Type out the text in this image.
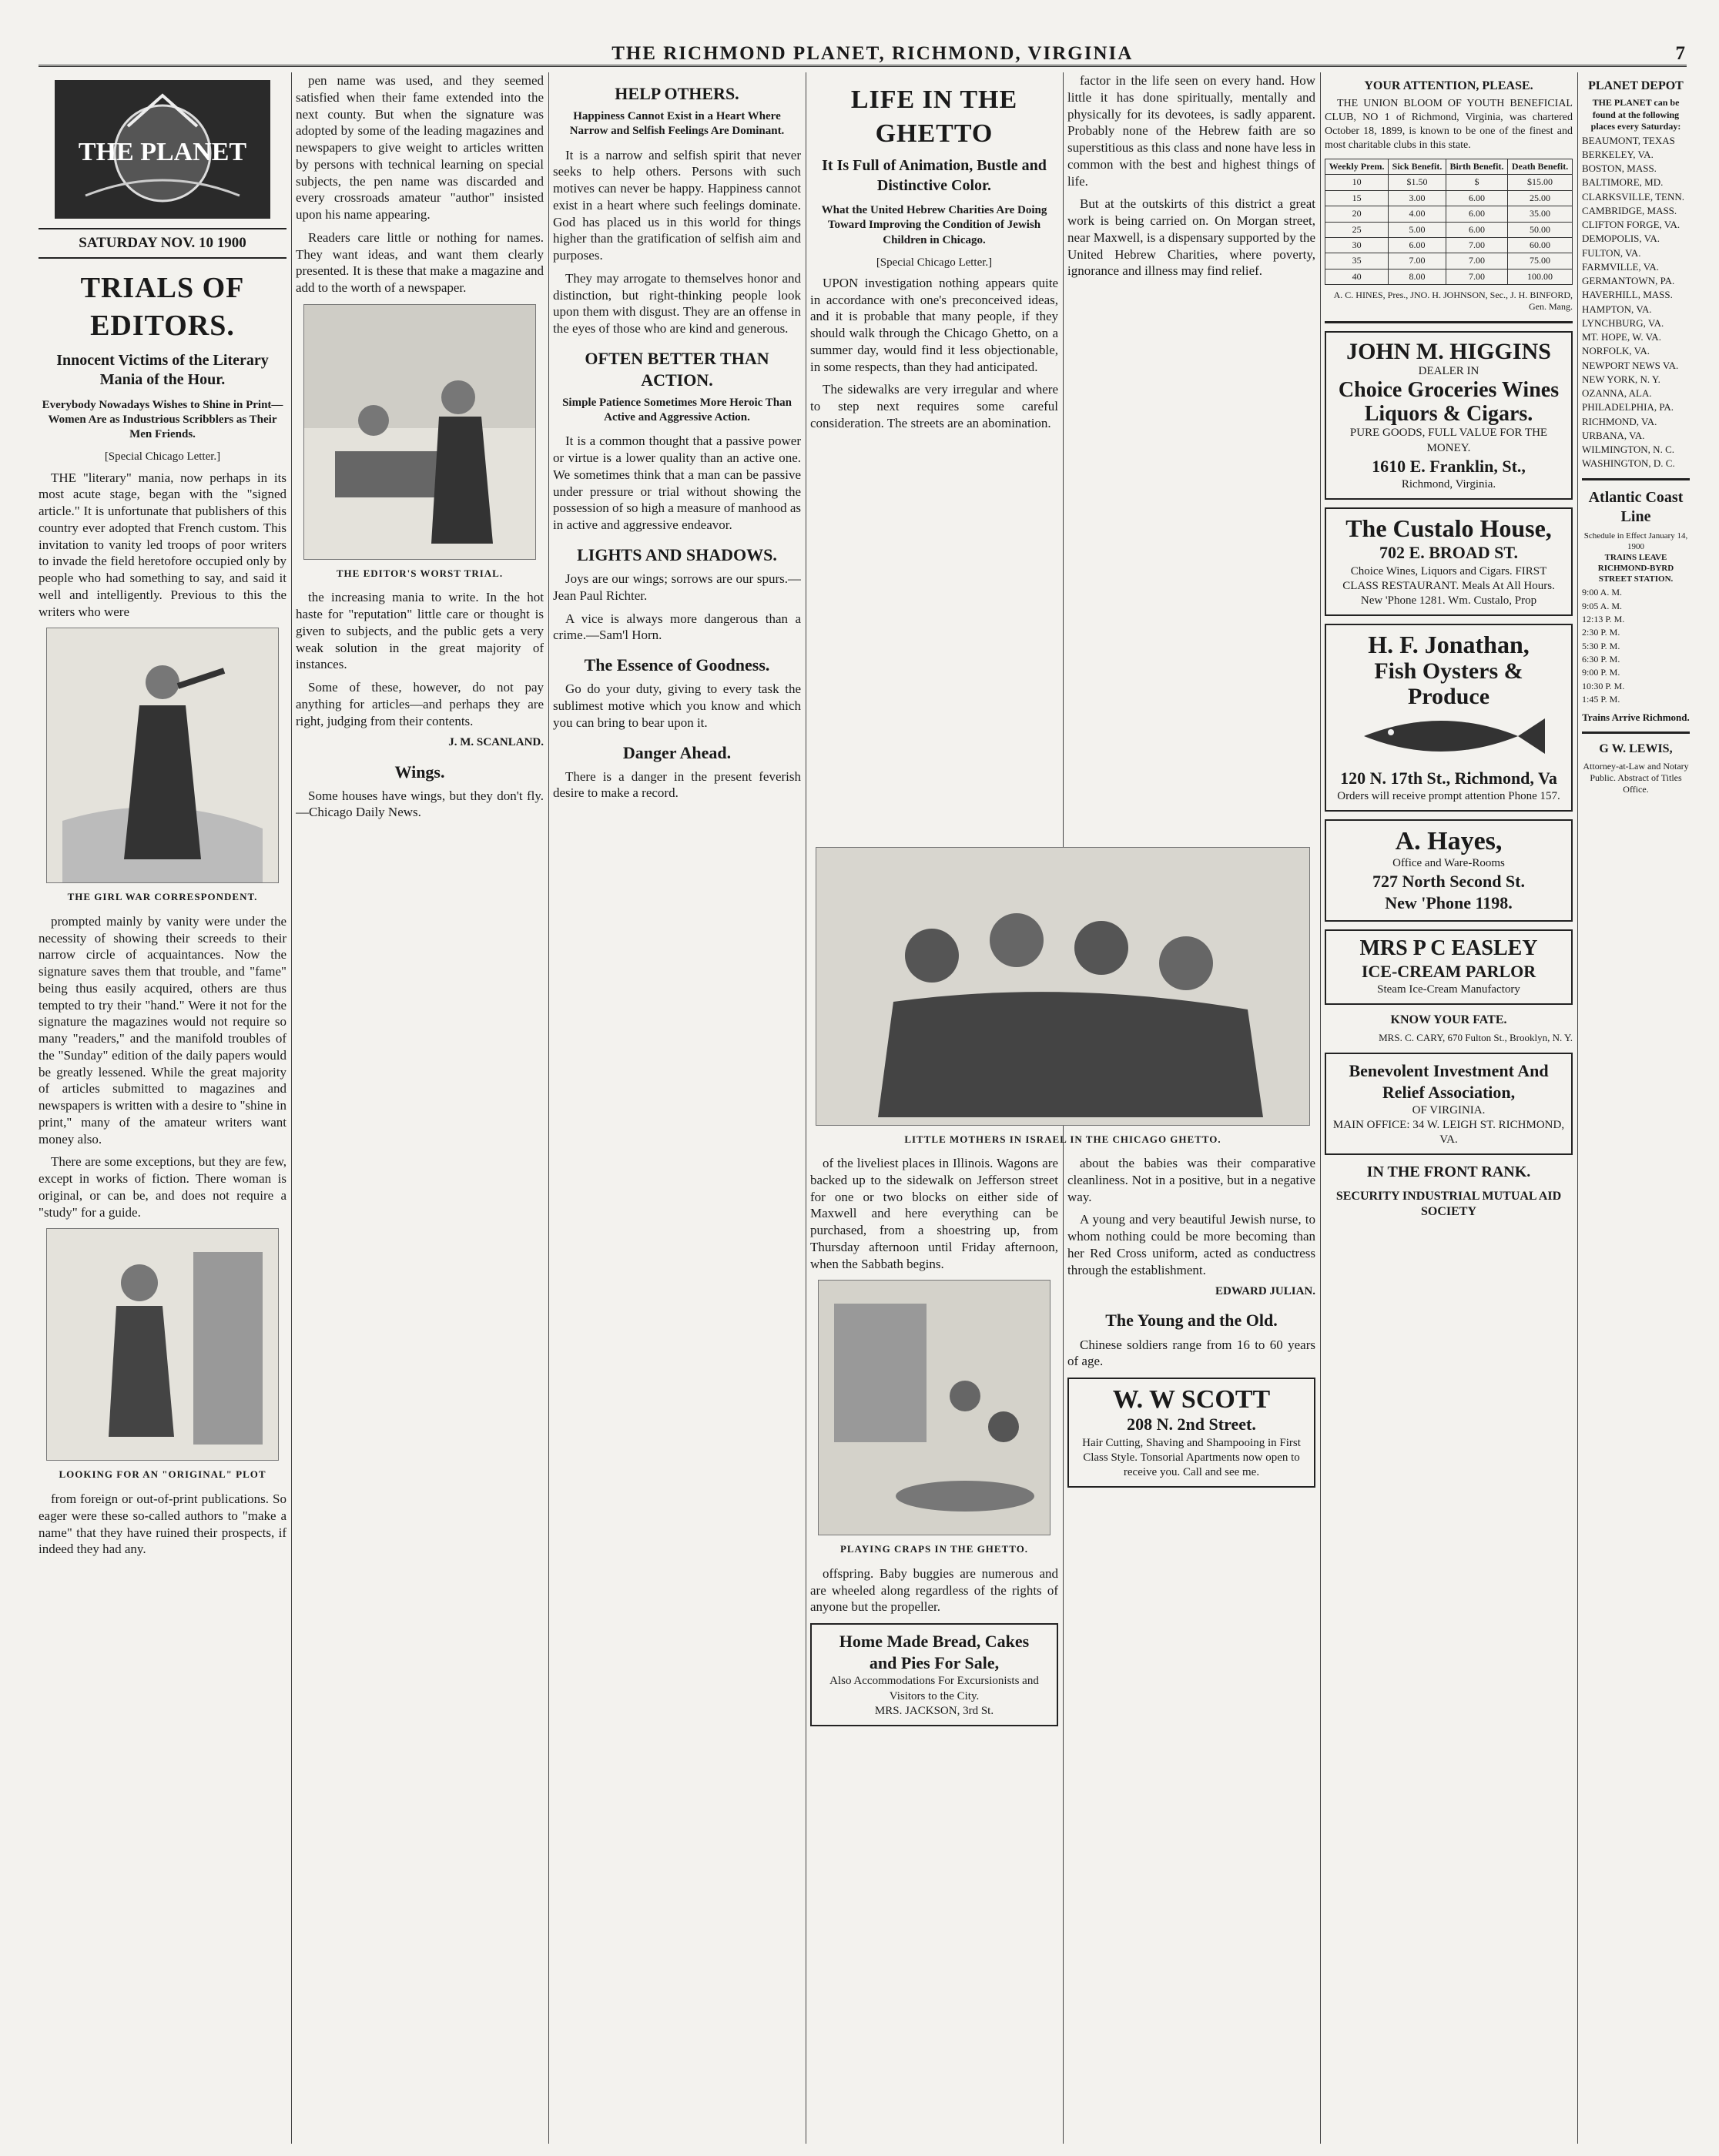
THE RICHMOND PLANET, RICHMOND, VIRGINIA	7
THE PLANET
SATURDAY NOV. 10 1900
TRIALS OF EDITORS.
Innocent Victims of the Literary Mania of the Hour.
Everybody Nowadays Wishes to Shine in Print—Women Are as Industrious Scribblers as Their Men Friends.
[Special Chicago Letter.]

THE "literary" mania, now perhaps in its most acute stage, began with the "signed article." It is unfortunate that publishers of this country ever adopted that French custom. This invitation to vanity led troops of poor writers to invade the field heretofore occupied only by people who had something to say, and said it well and intelligently. Previous to this the writers who were

THE GIRL WAR CORRESPONDENT.

prompted mainly by vanity were under the necessity of showing their screeds to their narrow circle of acquaintances. Now the signature saves them that trouble, and "fame" being thus easily acquired, others are thus tempted to try their "hand." Were it not for the signature the magazines would not require so many "readers," and the manifold troubles of the "Sunday" edition of the daily papers would be greatly lessened. While the great majority of articles submitted to magazines and newspapers is written with a desire to "shine in print," many of the amateur writers want money also.

There are some exceptions, but they are few, except in works of fiction. There woman is original, or can be, and does not require a "study" for a guide.

LOOKING FOR AN "ORIGINAL" PLOT

from foreign or out-of-print publications. So eager were these so-called authors to "make a name" that they have ruined their prospects, if indeed they had any.

pen name was used, and they seemed satisfied when their fame extended into the next county. But when the signature was adopted by some of the leading magazines and newspapers to give weight to articles written by persons with technical learning on special subjects, the pen name was discarded and every crossroads amateur "author" insisted upon his name appearing.

Readers care little or nothing for names. They want ideas, and want them clearly presented. It is these that make a magazine and add to the worth of a newspaper.

THE EDITOR'S WORST TRIAL.

the increasing mania to write. In the hot haste for "reputation" little care or thought is given to subjects, and the public gets a very weak solution in the great majority of instances.

Some of these, however, do not pay anything for articles—and perhaps they are right, judging from their contents.

J. M. SCANLAND.
Wings.

Some houses have wings, but they don't fly.—Chicago Daily News.

HELP OTHERS.
Happiness Cannot Exist in a Heart Where Narrow and Selfish Feelings Are Dominant.

It is a narrow and selfish spirit that never seeks to help others. Persons with such motives can never be happy. Happiness cannot exist in a heart where such feelings dominate. God has placed us in this world for things higher than the gratification of selfish aim and purposes.

They may arrogate to themselves honor and distinction, but right-thinking people look upon them with disgust. They are an offense in the eyes of those who are kind and generous.

OFTEN BETTER THAN ACTION.
Simple Patience Sometimes More Heroic Than Active and Aggressive Action.

It is a common thought that a passive power or virtue is a lower quality than an active one. We sometimes think that a man can be passive under pressure or trial without showing the possession of so high a measure of manhood as in active and aggressive endeavor.

LIGHTS AND SHADOWS.

Joys are our wings; sorrows are our spurs.—Jean Paul Richter.

A vice is always more dangerous than a crime.—Sam'l Horn.

The Essence of Goodness.

Go do your duty, giving to every task the sublimest motive which you know and which you can bring to bear upon it.

Danger Ahead.

There is a danger in the present feverish desire to make a record.

LIFE IN THE GHETTO
It Is Full of Animation, Bustle and Distinctive Color.
What the United Hebrew Charities Are Doing Toward Improving the Condition of Jewish Children in Chicago.
[Special Chicago Letter.]

UPON investigation nothing appears quite in accordance with one's preconceived ideas, and it is probable that many people, if they should walk through the Chicago Ghetto, on a summer day, would find it less objectionable, in some respects, than they had anticipated.

The sidewalks are very irregular and where to step next requires some careful consideration. The streets are an abomination.

factor in the life seen on every hand. How little it has done spiritually, mentally and physically for its devotees, is sadly apparent. Probably none of the Hebrew faith are so superstitious as this class and none have less in common with the best and highest things of life.

But at the outskirts of this district a great work is being carried on. On Morgan street, near Maxwell, is a dispensary supported by the United Hebrew Charities, where poverty, ignorance and illness may find relief.

LITTLE MOTHERS IN ISRAEL IN THE CHICAGO GHETTO.

of the liveliest places in Illinois. Wagons are backed up to the sidewalk on Jefferson street for one or two blocks on either side of Maxwell and here everything can be purchased, from a shoestring up, from Thursday afternoon until Friday afternoon, when the Sabbath begins.

PLAYING CRAPS IN THE GHETTO.

offspring. Baby buggies are numerous and are wheeled along regardless of the rights of anyone but the propeller.

Home Made Bread, Cakes
and Pies For Sale,
Also Accommodations For Excursionists and Visitors to the City.
MRS. JACKSON, 3rd St.

about the babies was their comparative cleanliness. Not in a positive, but in a negative way.

A young and very beautiful Jewish nurse, to whom nothing could be more becoming than her Red Cross uniform, acted as conductress through the establishment.

EDWARD JULIAN.
The Young and the Old.

Chinese soldiers range from 16 to 60 years of age.

W. W SCOTT
208 N. 2nd Street.
Hair Cutting, Shaving and Shampooing in First Class Style. Tonsorial Apartments now open to receive you. Call and see me.
YOUR ATTENTION, PLEASE.

THE UNION BLOOM OF YOUTH BENEFICIAL CLUB, NO 1 of Richmond, Virginia, was chartered October 18, 1899, is known to be one of the finest and most charitable clubs in this state.

Weekly Prem.	Sick Benefit.	Birth Benefit.	Death Benefit.
10	$1.50	$	$15.00
15	3.00	6.00	25.00
20	4.00	6.00	35.00
25	5.00	6.00	50.00
30	6.00	7.00	60.00
35	7.00	7.00	75.00
40	8.00	7.00	100.00
A. C. HINES, Pres., JNO. H. JOHNSON, Sec., J. H. BINFORD, Gen. Mang.
JOHN M. HIGGINS
DEALER IN
Choice Groceries Wines Liquors & Cigars.
PURE GOODS, FULL VALUE FOR THE MONEY.
1610 E. Franklin, St.,
Richmond, Virginia.
The Custalo House,
702 E. BROAD ST.
Choice Wines, Liquors and Cigars. FIRST CLASS RESTAURANT. Meals At All Hours.
New 'Phone 1281. Wm. Custalo, Prop
H. F. Jonathan,
Fish Oysters & Produce
120 N. 17th St., Richmond, Va
Orders will receive prompt attention Phone 157.
A. Hayes,
Office and Ware-Rooms
727 North Second St.
New 'Phone 1198.
MRS P C EASLEY
ICE-CREAM PARLOR
Steam Ice-Cream Manufactory
KNOW YOUR FATE.
MRS. C. CARY, 670 Fulton St., Brooklyn, N. Y.
Benevolent Investment And Relief Association,
OF VIRGINIA.
MAIN OFFICE: 34 W. LEIGH ST. RICHMOND, VA.
IN THE FRONT RANK.
SECURITY INDUSTRIAL MUTUAL AID SOCIETY
PLANET DEPOT
THE PLANET can be found at the following places every Saturday:
BEAUMONT, TEXAS
BERKELEY, VA.
BOSTON, MASS.
BALTIMORE, MD.
CLARKSVILLE, TENN.
CAMBRIDGE, MASS.
CLIFTON FORGE, VA.
DEMOPOLIS, VA.
FULTON, VA.
FARMVILLE, VA.
GERMANTOWN, PA.
HAVERHILL, MASS.
HAMPTON, VA.
LYNCHBURG, VA.
MT. HOPE, W. VA.
NORFOLK, VA.
NEWPORT NEWS VA.
NEW YORK, N. Y.
OZANNA, ALA.
PHILADELPHIA, PA.
RICHMOND, VA.
URBANA, VA.
WILMINGTON, N. C.
WASHINGTON, D. C.
Atlantic Coast Line
Schedule in Effect January 14, 1900
TRAINS LEAVE RICHMOND-BYRD STREET STATION.
9:00 A. M.
9:05 A. M.
12:13 P. M.
2:30 P. M.
5:30 P. M.
6:30 P. M.
9:00 P. M.
10:30 P. M.
1:45 P. M.
Trains Arrive Richmond.
G W. LEWIS,
Attorney-at-Law and Notary Public. Abstract of Titles Office.
